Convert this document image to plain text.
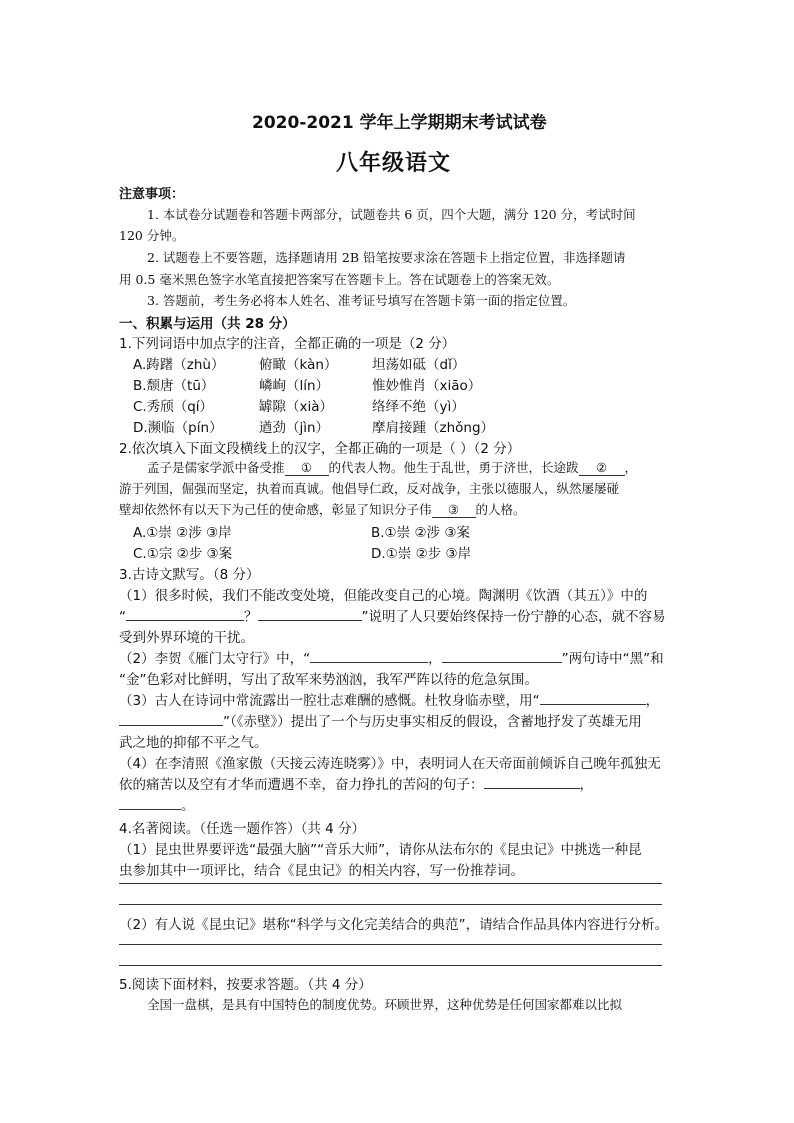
2020-2021 学年上学期期末考试试卷
八年级语文
注意事项：
1. 本试卷分试题卷和答题卡两部分，试题卷共 6 页，四个大题，满分 120 分，考试时间
120 分钟。
2. 试题卷上不要答题，选择题请用 2B 铅笔按要求涂在答题卡上指定位置，非选择题请
用 0.5 毫米黑色签字水笔直接把答案写在答题卡上。答在试题卷上的答案无效。
3. 答题前，考生务必将本人姓名、准考证号填写在答题卡第一面的指定位置。
一、积累与运用（共 28 分）
1.下列词语中加点字的注音，全都正确的一项是（2 分）
A.踌躇（zhù）	俯瞰（kàn）	坦荡如砥（dǐ）
B.颓唐（tū）	嶙峋（lín）	惟妙惟肖（xiāo）
C.秀颀（qí）	罅隙（xià）	络绎不绝（yì）
D.濒临（pín）	遒劲（jìn）	摩肩接踵（zhǒng）
2.依次填入下面文段横线上的汉字，全都正确的一项是（ ）（2 分）
孟子是儒家学派中备受推 ① 的代表人物。他生于乱世，勇于济世，长途跋 ② ，
游于列国，倔强而坚定，执着而真诚。他倡导仁政，反对战争，主张以德服人，纵然屡屡碰
壁却依然怀有以天下为己任的使命感，彰显了知识分子伟 ③ 的人格。
A.①崇 ②涉 ③岸	B.①崇 ②涉 ③案
C.①宗 ②步 ③案	D.①崇 ②步 ③岸
3.古诗文默写。（8 分）
（1）很多时候，我们不能改变处境，但能改变自己的心境。陶渊明《饮酒（其五）》中的
“	？	”说明了人只要始终保持一份宁静的心态，就不容易
受到外界环境的干扰。
（2）李贺《雁门太守行》中，“	，	”两句诗中“黑”和
“金”色彩对比鲜明，写出了敌军来势汹汹，我军严阵以待的危急氛围。
（3）古人在诗词中常流露出一腔壮志难酬的感慨。杜牧身临赤壁，用“	，
”（《赤壁》）提出了一个与历史事实相反的假设，含蓄地抒发了英雄无用
武之地的抑郁不平之气。
（4）在李清照《渔家傲（天接云涛连晓雾）》中，表明词人在天帝面前倾诉自己晚年孤独无
依的痛苦以及空有才华而遭遇不幸，奋力挣扎的苦闷的句子：	，
。
4.名著阅读。（任选一题作答）（共 4 分）
（1）昆虫世界要评选“最强大脑”“音乐大师”，请你从法布尔的《昆虫记》中挑选一种昆
虫参加其中一项评比，结合《昆虫记》的相关内容，写一份推荐词。
（2）有人说《昆虫记》堪称“科学与文化完美结合的典范”，请结合作品具体内容进行分析。
5.阅读下面材料，按要求答题。（共 4 分）
全国一盘棋，是具有中国特色的制度优势。环顾世界，这种优势是任何国家都难以比拟
